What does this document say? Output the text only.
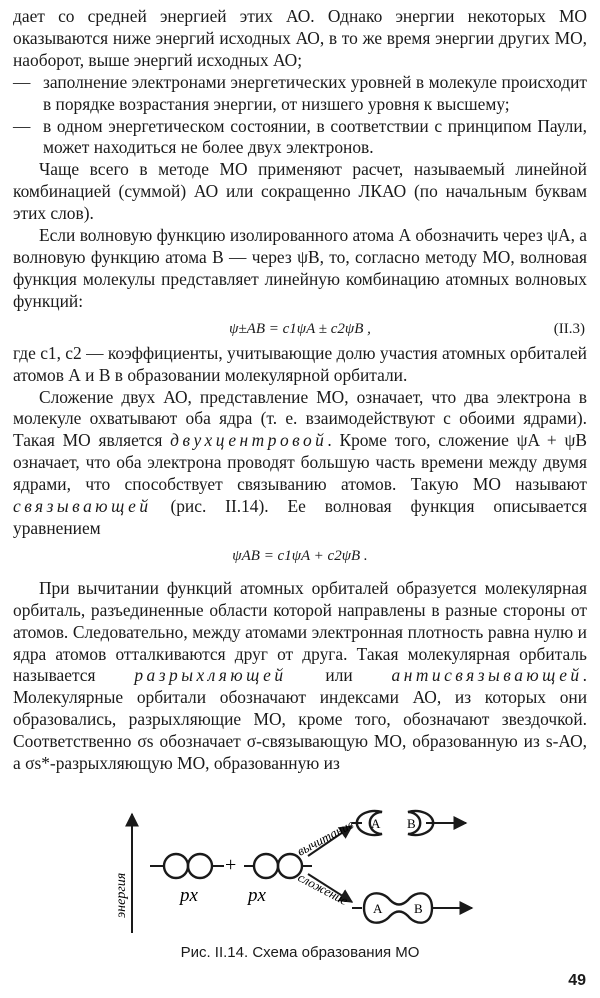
дает со средней энергией этих АО. Однако энергии некоторых МО оказываются ниже энергий исходных АО, в то же время энергии других МО, наоборот, выше энергий исходных АО;

— заполнение электронами энергетических уровней в молекуле происходит в порядке возрастания энергии, от низшего уровня к высшему;

— в одном энергетическом состоянии, в соответствии с принципом Паули, может находиться не более двух электронов.

Чаще всего в методе МО применяют расчет, называемый линейной комбинацией (суммой) АО или сокращенно ЛКАО (по начальным буквам этих слов).

Если волновую функцию изолированного атома А обозначить через ψA, а волновую функцию атома В — через ψB, то, согласно методу МО, волновая функция молекулы представляет линейную комбинацию атомных волновых функций:

ψ±AB = c1ψA ± c2ψB ,	(II.3)

где c1, c2 — коэффициенты, учитывающие долю участия атомных орбиталей атомов А и В в образовании молекулярной орбитали.

Сложение двух АО, представление МО, означает, что два электрона в молекуле охватывают оба ядра (т. е. взаимодействуют с обоими ядрами). Такая МО является двухцентровой. Кроме того, сложение ψA + ψB означает, что оба электрона проводят большую часть времени между двумя ядрами, что способствует связыванию атомов. Такую МО называют связывающей (рис. II.14). Ее волновая функция описывается уравнением

ψAB = c1ψA + c2ψB .

При вычитании функций атомных орбиталей образуется молекулярная орбиталь, разъединенные области которой направлены в разные стороны от атомов. Следовательно, между атомами электронная плотность равна нулю и ядра атомов отталкиваются друг от друга. Такая молекулярная орбиталь называется разрыхляющей или антисвязывающей. Молекулярные орбитали обозначают индексами АО, из которых они образовались, разрыхляющие МО, кроме того, обозначают звездочкой. Соответственно σs обозначает σ-связывающую МО, образованную из s-АО, а σs*-разрыхляющую МО, образованную из

энергия	px
+
px
вычитание
сложение
A B
A B
Рис. II.14. Схема образования МО
49
